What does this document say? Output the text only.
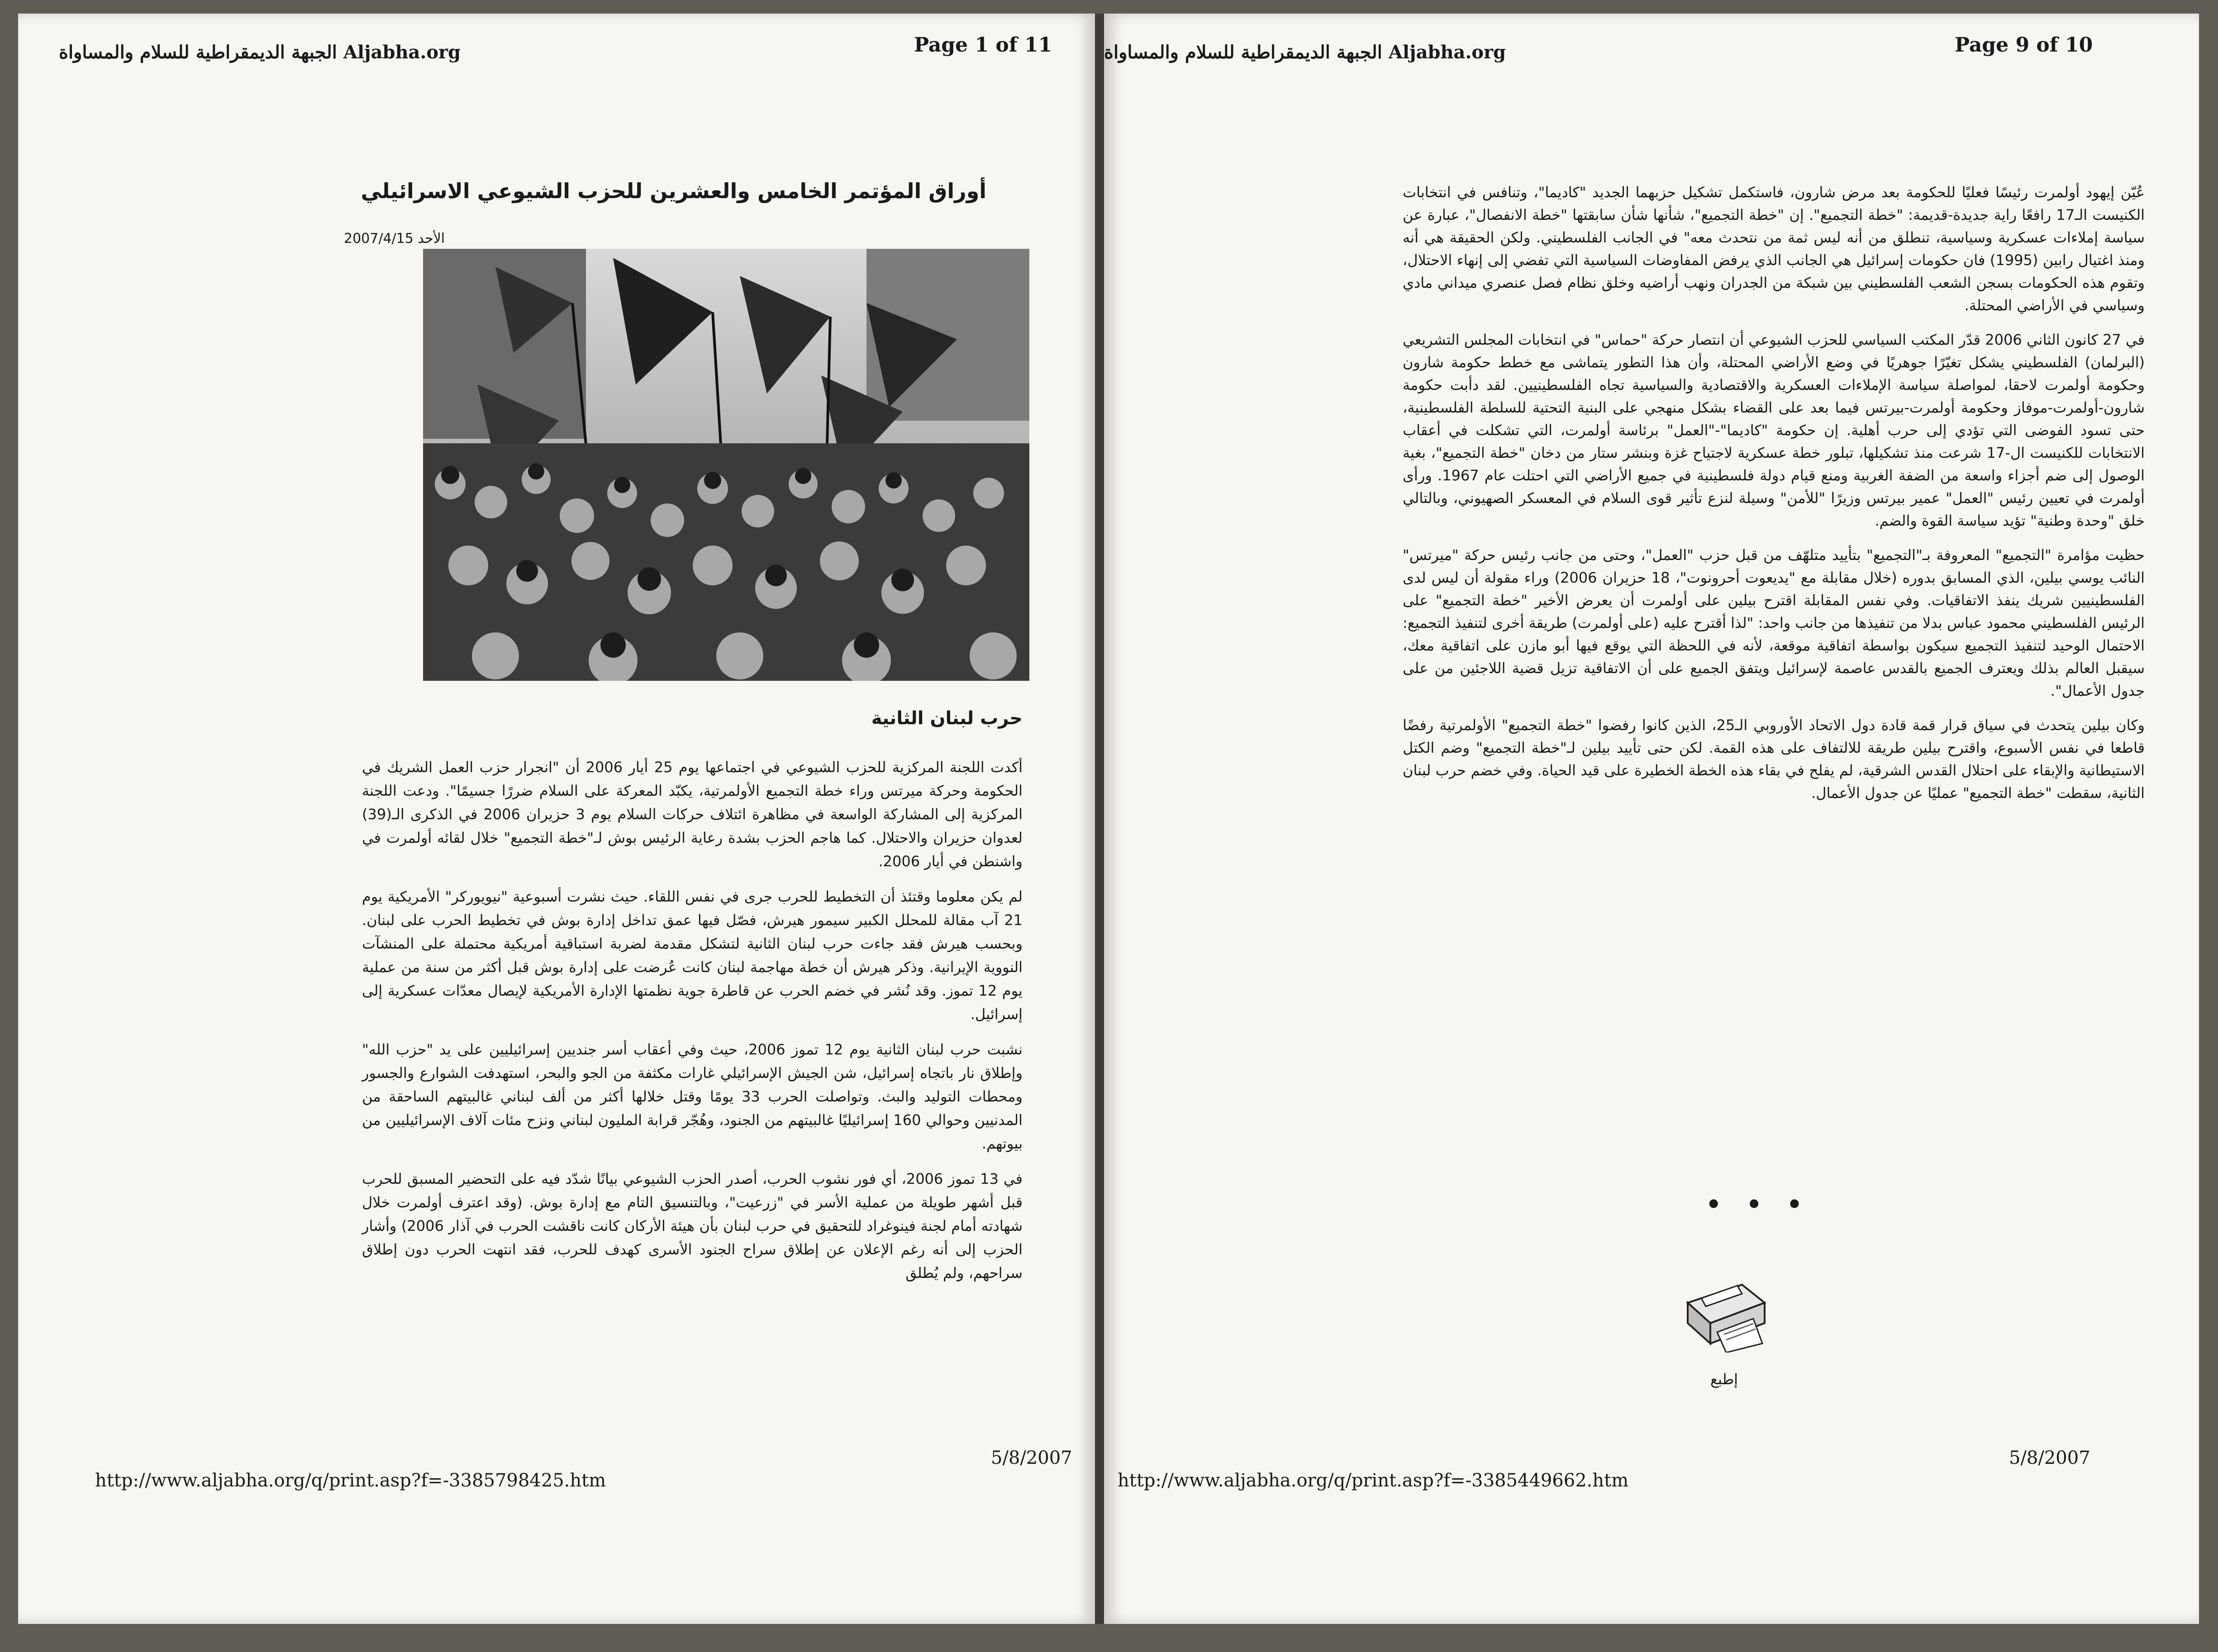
Aljabha.org الجبهة الديمقراطية للسلام والمساواة	Page 1 of 11
أوراق المؤتمر الخامس والعشرين للحزب الشيوعي الاسرائيلي
الأحد 2007/4/15
حرب لبنان الثانية

أكدت اللجنة المركزية للحزب الشيوعي في اجتماعها يوم 25 أيار 2006 أن "انجرار حزب العمل الشريك في الحكومة وحركة ميرتس وراء خطة التجميع الأولمرتية، يكبّد المعركة على السلام ضررًا جسيمًا". ودعت اللجنة المركزية إلى المشاركة الواسعة في مظاهرة ائتلاف حركات السلام يوم 3 حزيران 2006 في الذكرى الـ(39) لعدوان حزيران والاحتلال. كما هاجم الحزب بشدة رعاية الرئيس بوش لـ"خطة التجميع" خلال لقائه أولمرت في واشنطن في أيار 2006.

لم يكن معلوما وقتئذ أن التخطيط للحرب جرى في نفس اللقاء. حيث نشرت أسبوعية "نيويوركر" الأمريكية يوم 21 آب مقالة للمحلل الكبير سيمور هيرش، فصّل فيها عمق تداخل إدارة بوش في تخطيط الحرب على لبنان. وبحسب هيرش فقد جاءت حرب لبنان الثانية لتشكل مقدمة لضربة استباقية أمريكية محتملة على المنشآت النووية الإيرانية. وذكر هيرش أن خطة مهاجمة لبنان كانت عُرضت على إدارة بوش قبل أكثر من سنة من عملية يوم 12 تموز. وقد نُشر في خضم الحرب عن قاطرة جوية نظمتها الإدارة الأمريكية لإيصال معدّات عسكرية إلى إسرائيل.

نشبت حرب لبنان الثانية يوم 12 تموز 2006، حيث وفي أعقاب أسر جنديين إسرائيليين على يد "حزب الله" وإطلاق نار باتجاه إسرائيل، شن الجيش الإسرائيلي غارات مكثفة من الجو والبحر، استهدفت الشوارع والجسور ومحطات التوليد والبث. وتواصلت الحرب 33 يومًا وقتل خلالها أكثر من ألف لبناني غالبيتهم الساحقة من المدنيين وحوالي 160 إسرائيليًا غالبيتهم من الجنود، وهُجّر قرابة المليون لبناني ونزح مئات آلاف الإسرائيليين من بيوتهم.

في 13 تموز 2006، أي فور نشوب الحرب، أصدر الحزب الشيوعي بيانًا شدّد فيه على التحضير المسبق للحرب قبل أشهر طويلة من عملية الأسر في "زرعيت"، وبالتنسيق التام مع إدارة بوش. (وقد اعترف أولمرت خلال شهادته أمام لجنة فينوغراد للتحقيق في حرب لبنان بأن هيئة الأركان كانت ناقشت الحرب في آذار 2006) وأشار الحزب إلى أنه رغم الإعلان عن إطلاق سراح الجنود الأسرى كهدف للحرب، فقد انتهت الحرب دون إطلاق سراحهم، ولم يُطلق

http://www.aljabha.org/q/print.asp?f=-3385798425.htm
5/8/2007

Aljabha.org الجبهة الديمقراطية للسلام والمساواة	Page 9 of 10

عُيّن إيهود أولمرت رئيسًا فعليًا للحكومة بعد مرض شارون، فاستكمل تشكيل حزبهما الجديد "كاديما"، وتنافس في انتخابات الكنيست الـ17 رافعًا راية جديدة-قديمة: "خطة التجميع". إن "خطة التجميع"، شأنها شأن سابقتها "خطة الانفصال"، عبارة عن سياسة إملاءات عسكرية وسياسية، تنطلق من أنه ليس ثمة من نتحدث معه" في الجانب الفلسطيني. ولكن الحقيقة هي أنه ومنذ اغتيال رابين (1995) فان حكومات إسرائيل هي الجانب الذي يرفض المفاوضات السياسية التي تفضي إلى إنهاء الاحتلال، وتقوم هذه الحكومات بسجن الشعب الفلسطيني بين شبكة من الجدران ونهب أراضيه وخلق نظام فصل عنصري ميداني مادي وسياسي في الأراضي المحتلة.

في 27 كانون الثاني 2006 قدّر المكتب السياسي للحزب الشيوعي أن انتصار حركة "حماس" في انتخابات المجلس التشريعي (البرلمان) الفلسطيني يشكل تغيّرًا جوهريًا في وضع الأراضي المحتلة، وأن هذا التطور يتماشى مع خطط حكومة شارون وحكومة أولمرت لاحقا، لمواصلة سياسة الإملاءات العسكرية والاقتصادية والسياسية تجاه الفلسطينيين. لقد دأبت حكومة شارون-أولمرت-موفاز وحكومة أولمرت-بيرتس فيما بعد على القضاء بشكل منهجي على البنية التحتية للسلطة الفلسطينية، حتى تسود الفوضى التي تؤدي إلى حرب أهلية. إن حكومة "كاديما"-"العمل" برئاسة أولمرت، التي تشكلت في أعقاب الانتخابات للكنيست ال-17 شرعت منذ تشكيلها، تبلور خطة عسكرية لاجتياح غزة وبنشر ستار من دخان "خطة التجميع"، بغية الوصول إلى ضم أجزاء واسعة من الضفة الغربية ومنع قيام دولة فلسطينية في جميع الأراضي التي احتلت عام 1967. ورأى أولمرت في تعيين رئيس "العمل" عمير بيرتس وزيرًا "للأمن" وسيلة لنزع تأثير قوى السلام في المعسكر الصهيوني، وبالتالي خلق "وحدة وطنية" تؤيد سياسة القوة والضم.

حظيت مؤامرة "التجميع" المعروفة بـ"التجميع" بتأييد متلهّف من قبل حزب "العمل"، وحتى من جانب رئيس حركة "ميرتس" النائب يوسي بيلين، الذي المسابق بدوره (خلال مقابلة مع "يديعوت أحرونوت"، 18 حزيران 2006) وراء مقولة أن ليس لدى الفلسطينيين شريك ينفذ الاتفاقيات. وفي نفس المقابلة اقترح بيلين على أولمرت أن يعرض الأخير "خطة التجميع" على الرئيس الفلسطيني محمود عباس بدلا من تنفيذها من جانب واحد: "لذا أقترح عليه (على أولمرت) طريقة أخرى لتنفيذ التجميع: الاحتمال الوحيد لتنفيذ التجميع سيكون بواسطة اتفاقية موقعة، لأنه في اللحظة التي يوقع فيها أبو مازن على اتفاقية معك، سيقبل العالم بذلك ويعترف الجميع بالقدس عاصمة لإسرائيل ويتفق الجميع على أن الاتفاقية تزيل قضية اللاجئين من على جدول الأعمال".

وكان بيلين يتحدث في سياق قرار قمة قادة دول الاتحاد الأوروبي الـ25، الذين كانوا رفضوا "خطة التجميع" الأولمرتية رفضًا قاطعا في نفس الأسبوع، واقترح بيلين طريقة للالتفاف على هذه القمة. لكن حتى تأييد بيلين لـ"خطة التجميع" وضم الكتل الاستيطانية والإبقاء على احتلال القدس الشرقية، لم يفلح في بقاء هذه الخطة الخطيرة على قيد الحياة. وفي خضم حرب لبنان الثانية، سقطت "خطة التجميع" عمليًا عن جدول الأعمال.

• • •
إطبع
http://www.aljabha.org/q/print.asp?f=-3385449662.htm
5/8/2007
